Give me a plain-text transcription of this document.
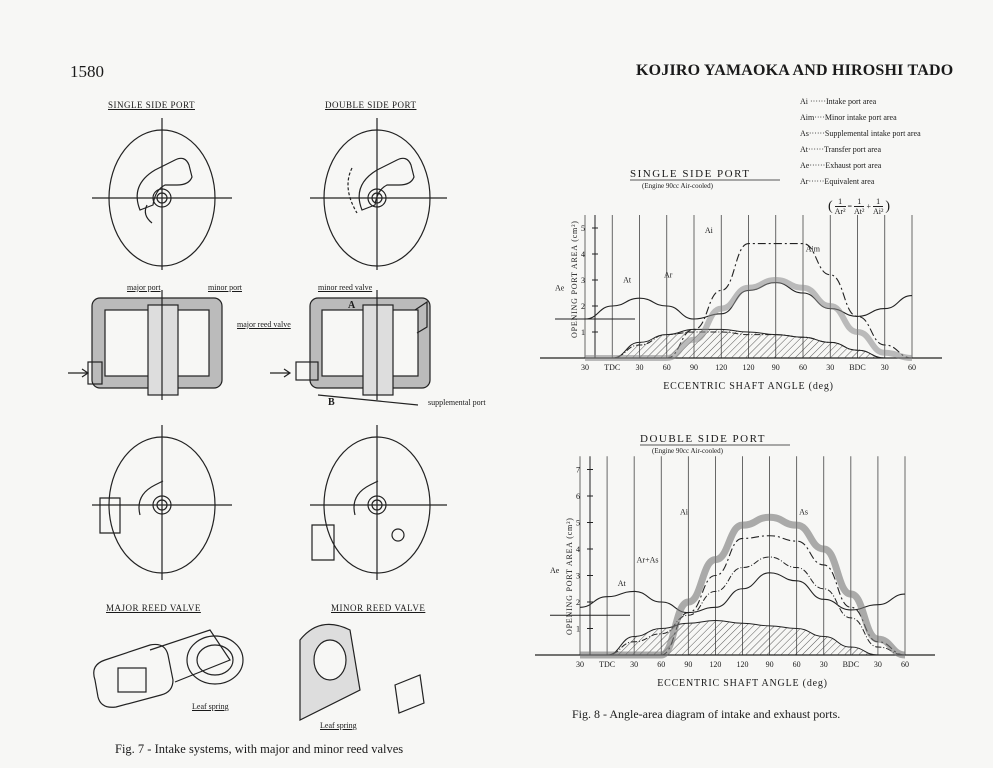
1580	KOJIRO YAMAOKA AND HIROSHI TADO
SINGLE SIDE PORT	DOUBLE SIDE PORT
major port	minor port	minor reed valve
major reed valve
A
B	supplemental port
MAJOR REED VALVE	MINOR REED VALVE
Leaf spring
Leaf spring
Fig. 7 - Intake systems, with major and minor reed valves
Ai ······Intake port area
Aim····Minor intake port area
As······Supplemental intake port area
At······Transfer port area
Ae······Exhaust port area
Ar······Equivalent area
( $\frac{1}{\text{Ar²}} = \frac{1}{\text{At²}} + \frac{1}{\text{Ai²}}$ )
SINGLE SIDE PORT
(Engine 90cc Air-cooled)
30 TDC 30 60 90 120 120 90 60 30 BDC 30 60
1
2
3
4
5
OPENING PORT AREA (cm²)
ECCENTRIC SHAFT ANGLE (deg)
Ae
At
Ar
Ai
Aim
DOUBLE SIDE PORT
(Engine 90cc Air-cooled)
30 TDC 30 60 90 120 120 90 60 30 BDC 30 60
1
2
3
4
5
6
7
OPENING PORT AREA (cm²)
ECCENTRIC SHAFT ANGLE (deg)
Ae
At
Ar+As
Ai	As
Fig. 8 - Angle-area diagram of intake and exhaust ports.
